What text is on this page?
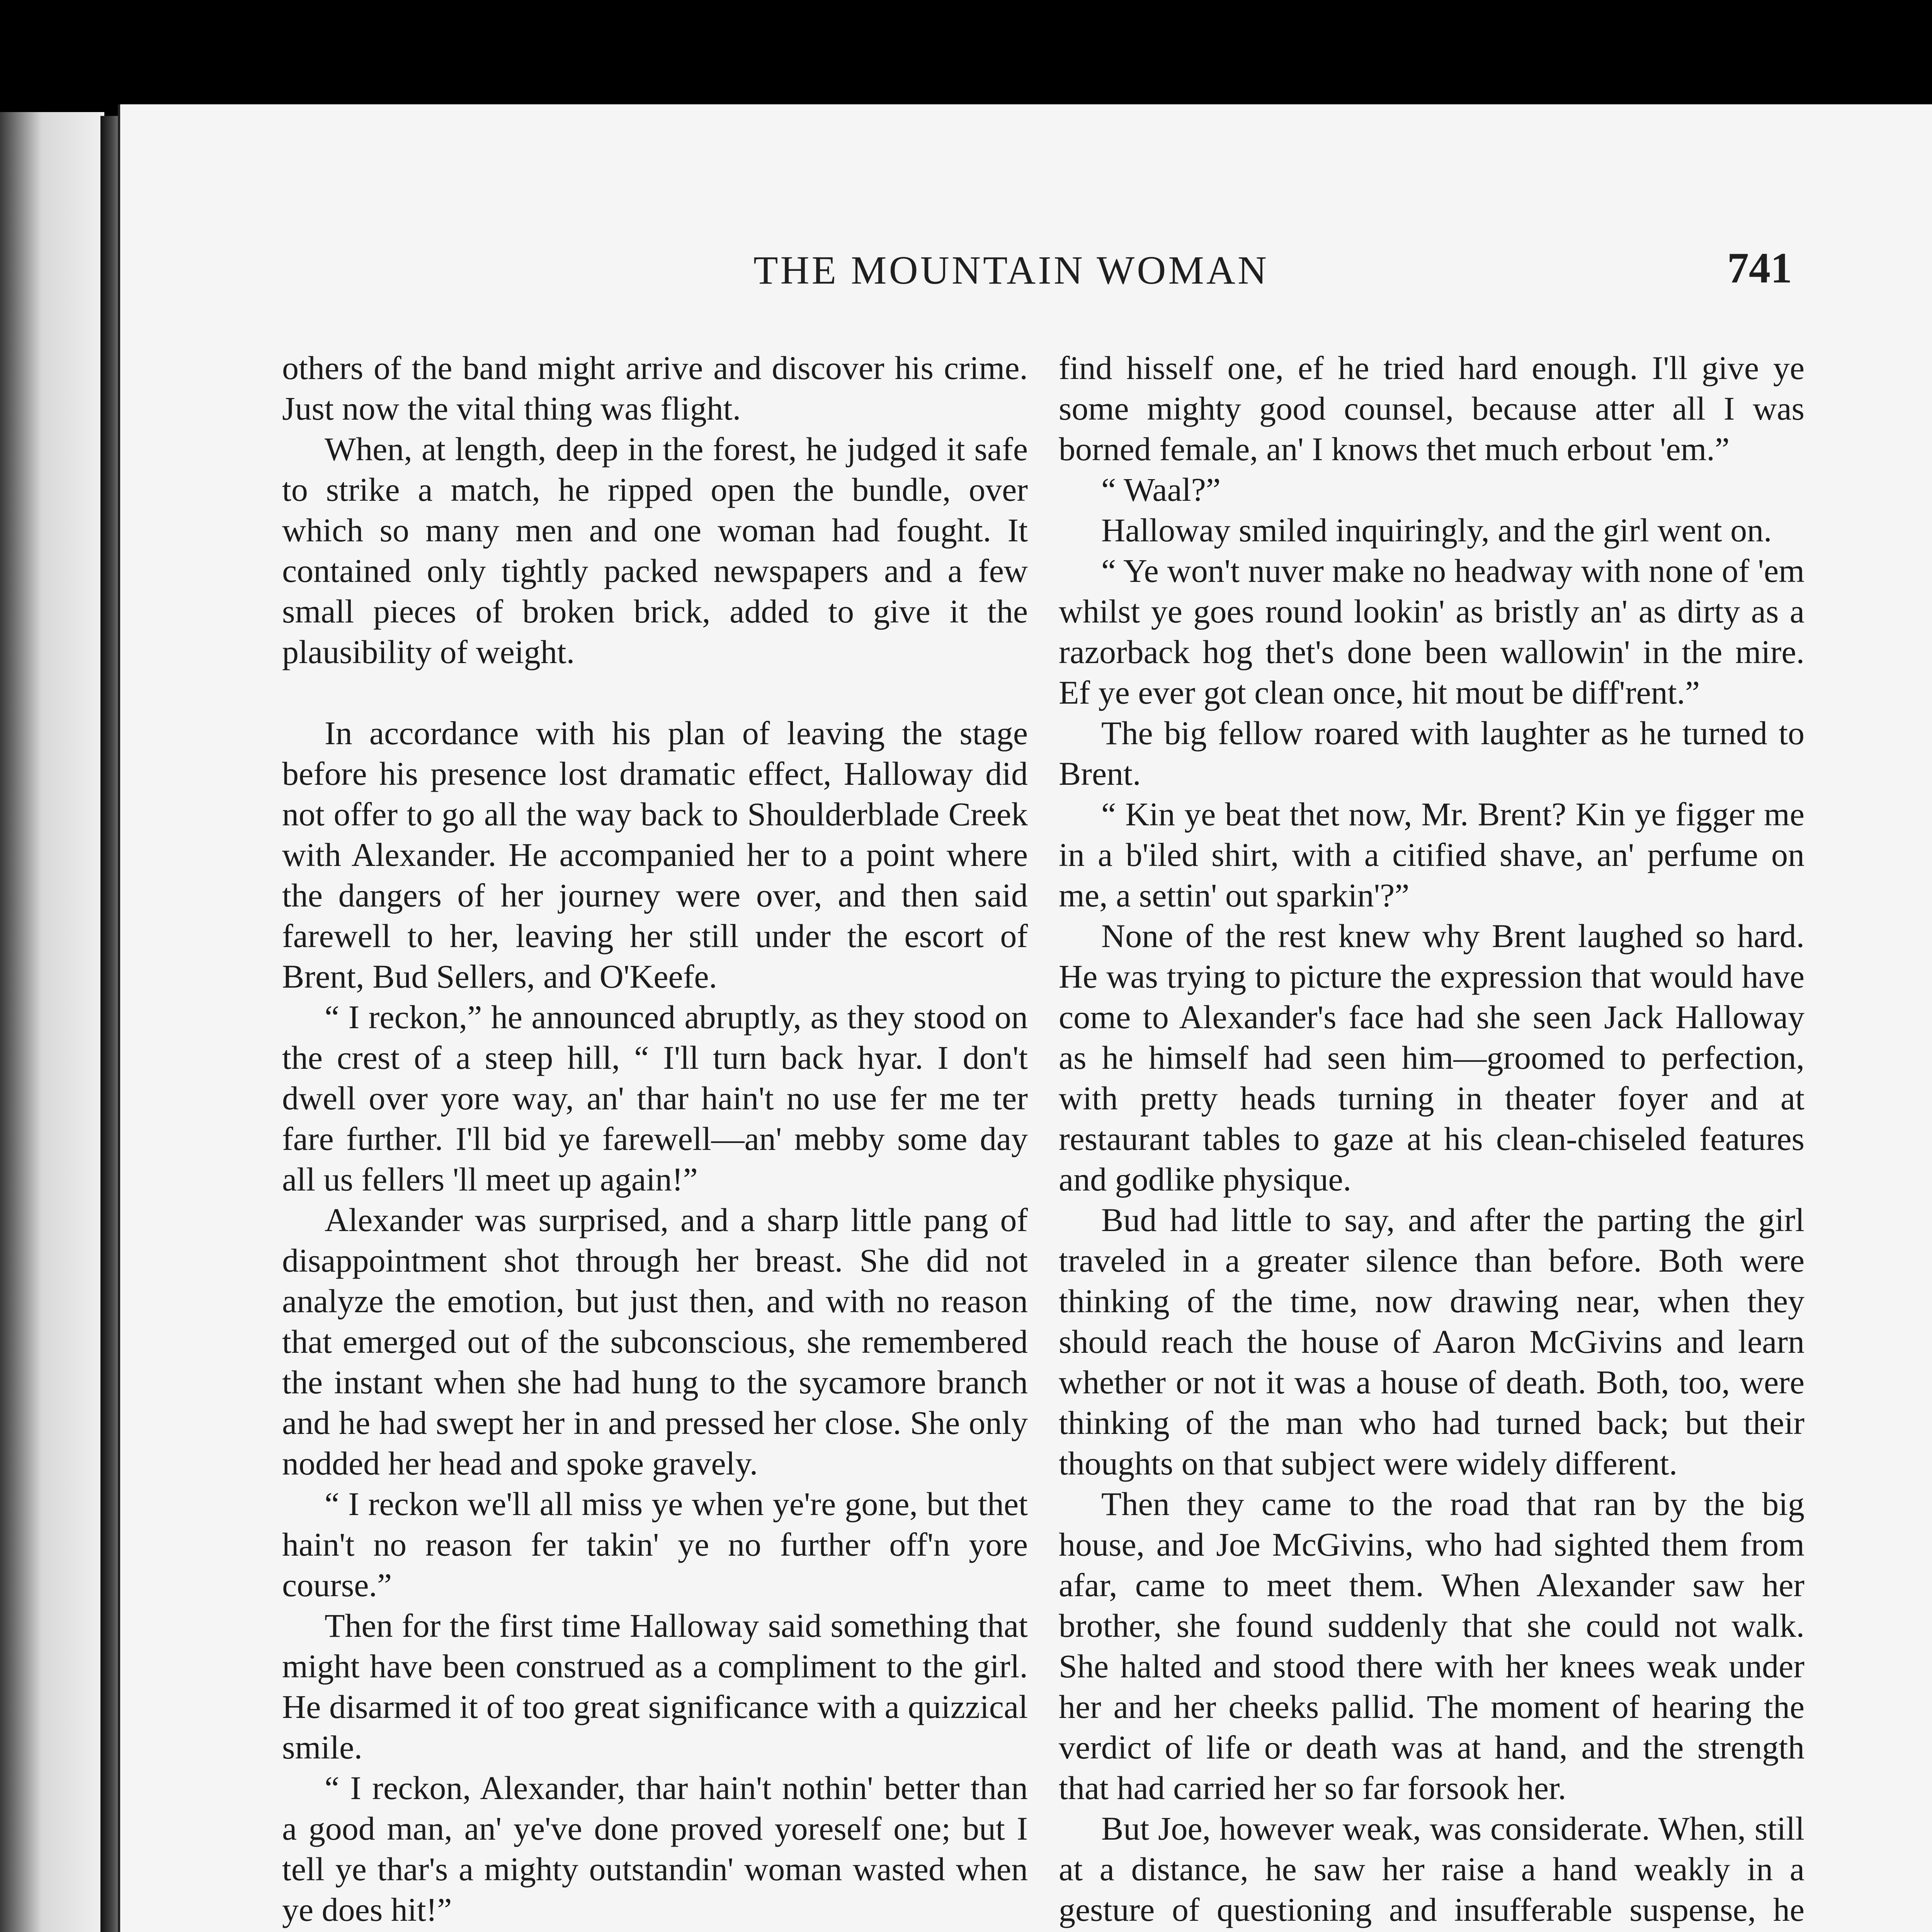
THE MOUNTAIN WOMAN	741

others of the band might arrive and discover his crime. Just now the vital thing was flight.

When, at length, deep in the forest, he judged it safe to strike a match, he ripped open the bundle, over which so many men and one woman had fought. It contained only tightly packed newspapers and a few small pieces of broken brick, added to give it the plausibility of weight.

In accordance with his plan of leaving the stage before his presence lost dramatic effect, Halloway did not offer to go all the way back to Shoulderblade Creek with Alexander. He accompanied her to a point where the dangers of her journey were over, and then said farewell to her, leaving her still under the escort of Brent, Bud Sellers, and O'Keefe.

“ I reckon,” he announced abruptly, as they stood on the crest of a steep hill, “ I'll turn back hyar. I don't dwell over yore way, an' thar hain't no use fer me ter fare further. I'll bid ye farewell—an' mebby some day all us fellers 'll meet up again!”

Alexander was surprised, and a sharp little pang of disappointment shot through her breast. She did not analyze the emotion, but just then, and with no reason that emerged out of the subconscious, she remembered the instant when she had hung to the sycamore branch and he had swept her in and pressed her close. She only nodded her head and spoke gravely.

“ I reckon we'll all miss ye when ye're gone, but thet hain't no reason fer takin' ye no further off'n yore course.”

Then for the first time Halloway said something that might have been construed as a compliment to the girl. He disarmed it of too great significance with a quizzical smile.

“ I reckon, Alexander, thar hain't nothin' better than a good man, an' ye've done proved yoreself one; but I tell ye thar's a mighty outstandin' woman wasted when ye does hit!”

find hisself one, ef he tried hard enough. I'll give ye some mighty good counsel, because atter all I was borned female, an' I knows thet much erbout 'em.”

“ Waal?”

Halloway smiled inquiringly, and the girl went on.

“ Ye won't nuver make no headway with none of 'em whilst ye goes round lookin' as bristly an' as dirty as a razorback hog thet's done been wallowin' in the mire. Ef ye ever got clean once, hit mout be diff'rent.”

The big fellow roared with laughter as he turned to Brent.

“ Kin ye beat thet now, Mr. Brent? Kin ye figger me in a b'iled shirt, with a citified shave, an' perfume on me, a settin' out sparkin'?”

None of the rest knew why Brent laughed so hard. He was trying to picture the expression that would have come to Alexander's face had she seen Jack Halloway as he himself had seen him—groomed to perfection, with pretty heads turning in theater foyer and at restaurant tables to gaze at his clean-chiseled features and godlike physique.

Bud had little to say, and after the parting the girl traveled in a greater silence than before. Both were thinking of the time, now drawing near, when they should reach the house of Aaron McGivins and learn whether or not it was a house of death. Both, too, were thinking of the man who had turned back; but their thoughts on that subject were widely different.

Then they came to the road that ran by the big house, and Joe McGivins, who had sighted them from afar, came to meet them. When Alexander saw her brother, she found suddenly that she could not walk. She halted and stood there with her knees weak under her and her cheeks pallid. The moment of hearing the verdict of life or death was at hand, and the strength that had carried her so far forsook her.

But Joe, however weak, was considerate. When, still at a distance, he saw her raise a hand weakly in a gesture of questioning and insufferable suspense, he
